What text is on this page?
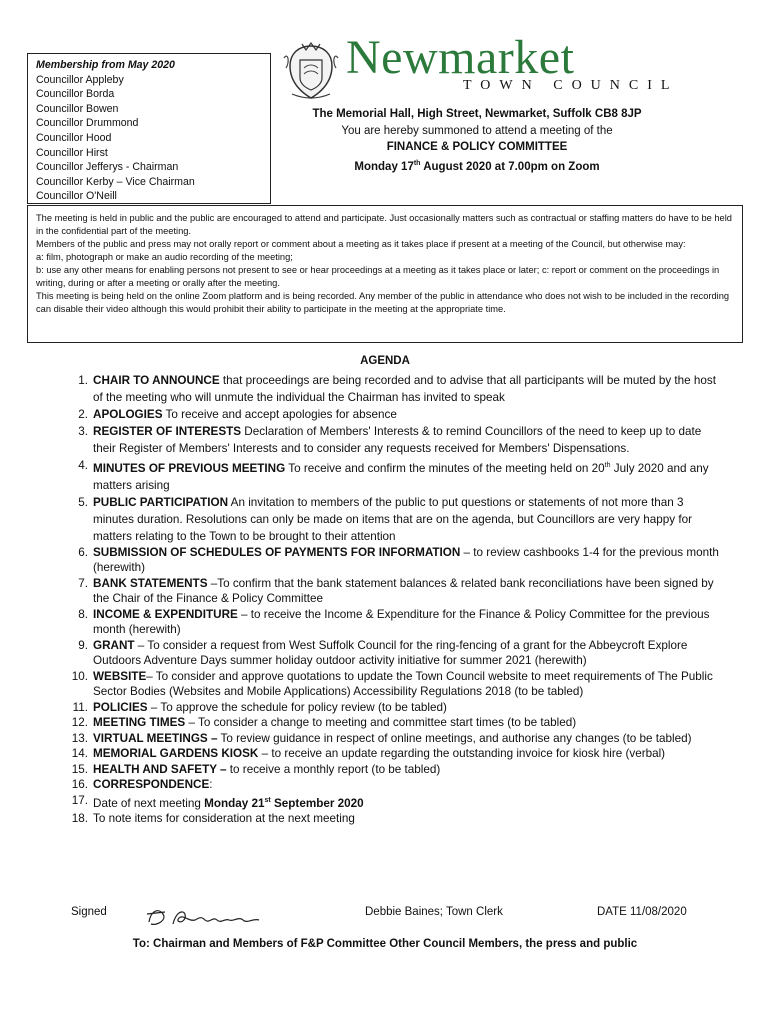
Membership from May 2020
Councillor Appleby
Councillor Borda
Councillor Bowen
Councillor Drummond
Councillor Hood
Councillor Hirst
Councillor Jefferys - Chairman
Councillor Kerby – Vice Chairman
Councillor O'Neill
Newmarket
TOWN COUNCIL
The Memorial Hall, High Street, Newmarket, Suffolk CB8 8JP
You are hereby summoned to attend a meeting of the
FINANCE & POLICY COMMITTEE
Monday 17th August 2020 at 7.00pm on Zoom

The meeting is held in public and the public are encouraged to attend and participate. Just occasionally matters such as contractual or staffing matters do have to be held in the confidential part of the meeting.

Members of the public and press may not orally report or comment about a meeting as it takes place if present at a meeting of the Council, but otherwise may:

a: film, photograph or make an audio recording of the meeting;

b: use any other means for enabling persons not present to see or hear proceedings at a meeting as it takes place or later; c: report or comment on the proceedings in writing, during or after a meeting or orally after the meeting.

This meeting is being held on the online Zoom platform and is being recorded. Any member of the public in attendance who does not wish to be included in the recording can disable their video although this would prohibit their ability to participate in the meeting at the appropriate time.

AGENDA
1. CHAIR TO ANNOUNCE that proceedings are being recorded and to advise that all participants will be muted by the host of the meeting who will unmute the individual the Chairman has invited to speak
2. APOLOGIES To receive and accept apologies for absence
3. REGISTER OF INTERESTS Declaration of Members' Interests & to remind Councillors of the need to keep up to date their Register of Members' Interests and to consider any requests received for Members' Dispensations.
4. MINUTES OF PREVIOUS MEETING To receive and confirm the minutes of the meeting held on 20th July 2020 and any matters arising
5. PUBLIC PARTICIPATION An invitation to members of the public to put questions or statements of not more than 3 minutes duration. Resolutions can only be made on items that are on the agenda, but Councillors are very happy for matters relating to the Town to be brought to their attention
6. SUBMISSION OF SCHEDULES OF PAYMENTS FOR INFORMATION – to review cashbooks 1-4 for the previous month (herewith)
7. BANK STATEMENTS –To confirm that the bank statement balances & related bank reconciliations have been signed by the Chair of the Finance & Policy Committee
8. INCOME & EXPENDITURE – to receive the Income & Expenditure for the Finance & Policy Committee for the previous month (herewith)
9. GRANT – To consider a request from West Suffolk Council for the ring-fencing of a grant for the Abbeycroft Explore Outdoors Adventure Days summer holiday outdoor activity initiative for summer 2021 (herewith)
10. WEBSITE– To consider and approve quotations to update the Town Council website to meet requirements of The Public Sector Bodies (Websites and Mobile Applications) Accessibility Regulations 2018 (to be tabled)
11. POLICIES – To approve the schedule for policy review (to be tabled)
12. MEETING TIMES – To consider a change to meeting and committee start times (to be tabled)
13. VIRTUAL MEETINGS – To review guidance in respect of online meetings, and authorise any changes (to be tabled)
14. MEMORIAL GARDENS KIOSK – to receive an update regarding the outstanding invoice for kiosk hire (verbal)
15. HEALTH AND SAFETY – to receive a monthly report (to be tabled)
16. CORRESPONDENCE:
17. Date of next meeting Monday 21st September 2020
18. To note items for consideration at the next meeting
Signed	Debbie Baines; Town Clerk	DATE 11/08/2020
To: Chairman and Members of F&P Committee Other Council Members, the press and public
